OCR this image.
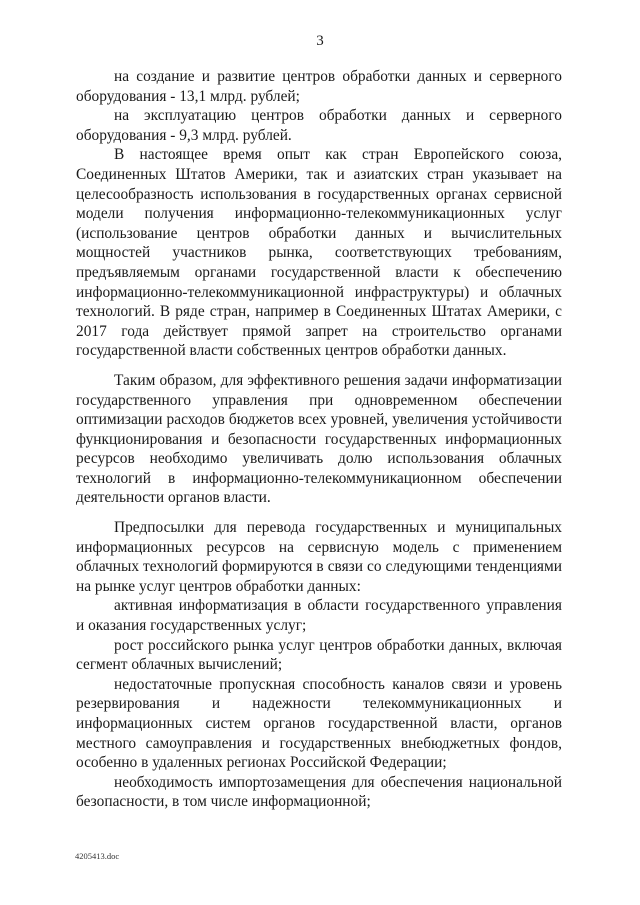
3

на создание и развитие центров обработки данных и серверного оборудования - 13,1 млрд. рублей;

на эксплуатацию центров обработки данных и серверного оборудования - 9,3 млрд. рублей.

В настоящее время опыт как стран Европейского союза, Соединенных Штатов Америки, так и азиатских стран указывает на целесообразность использования в государственных органах сервисной модели получения информационно-телекоммуникационных услуг (использование центров обработки данных и вычислительных мощностей участников рынка, соответствующих требованиям, предъявляемым органами государственной власти к обеспечению информационно-телекоммуникационной инфраструктуры) и облачных технологий. В ряде стран, например в Соединенных Штатах Америки, с 2017 года действует прямой запрет на строительство органами государственной власти собственных центров обработки данных.

Таким образом, для эффективного решения задачи информатизации государственного управления при одновременном обеспечении оптимизации расходов бюджетов всех уровней, увеличения устойчивости функционирования и безопасности государственных информационных ресурсов необходимо увеличивать долю использования облачных технологий в информационно-телекоммуникационном обеспечении деятельности органов власти.

Предпосылки для перевода государственных и муниципальных информационных ресурсов на сервисную модель с применением облачных технологий формируются в связи со следующими тенденциями на рынке услуг центров обработки данных:

активная информатизация в области государственного управления и оказания государственных услуг;

рост российского рынка услуг центров обработки данных, включая сегмент облачных вычислений;

недостаточные пропускная способность каналов связи и уровень резервирования и надежности телекоммуникационных и информационных систем органов государственной власти, органов местного самоуправления и государственных внебюджетных фондов, особенно в удаленных регионах Российской Федерации;

необходимость импортозамещения для обеспечения национальной безопасности, в том числе информационной;

4205413.doc
